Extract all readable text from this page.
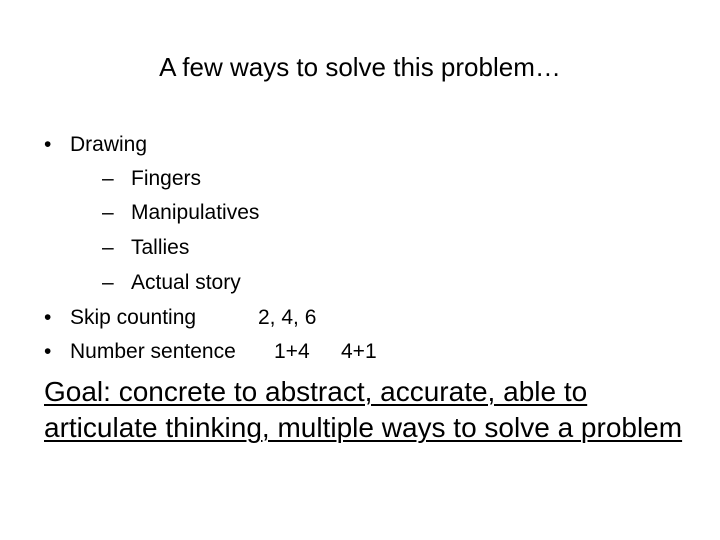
A few ways to solve this problem…
• Drawing
– Fingers
– Manipulatives
– Tallies
– Actual story
• Skip counting	2, 4, 6
• Number sentence 1+4 4+1
Goal: concrete to abstract, accurate, able to articulate thinking, multiple ways to solve a problem
